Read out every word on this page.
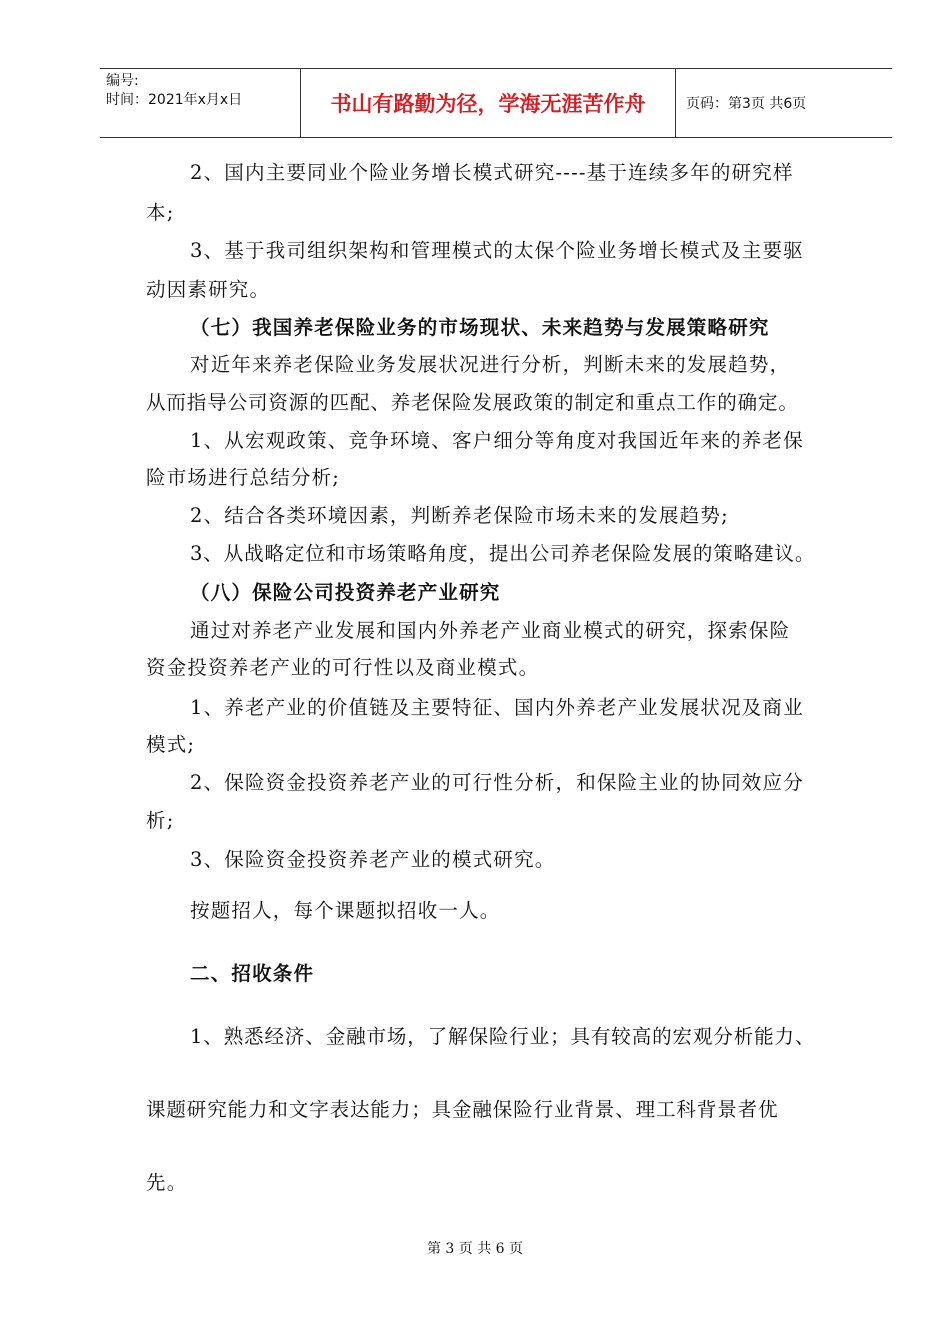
编号:
时间：2021年x月x日	书山有路勤为径，学海无涯苦作舟	页码：第3页 共6页
2、国内主要同业个险业务增长模式研究----基于连续多年的研究样
本;
3、基于我司组织架构和管理模式的太保个险业务增长模式及主要驱
动因素研究。
（七）我国养老保险业务的市场现状、未来趋势与发展策略研究
对近年来养老保险业务发展状况进行分析，判断未来的发展趋势，
从而指导公司资源的匹配、养老保险发展政策的制定和重点工作的确定。
1、从宏观政策、竞争环境、客户细分等角度对我国近年来的养老保
险市场进行总结分析;
2、结合各类环境因素，判断养老保险市场未来的发展趋势;
3、从战略定位和市场策略角度，提出公司养老保险发展的策略建议。
（八）保险公司投资养老产业研究
通过对养老产业发展和国内外养老产业商业模式的研究，探索保险
资金投资养老产业的可行性以及商业模式。
1、养老产业的价值链及主要特征、国内外养老产业发展状况及商业
模式;
2、保险资金投资养老产业的可行性分析，和保险主业的协同效应分
析;
3、保险资金投资养老产业的模式研究。
按题招人，每个课题拟招收一人。
二、招收条件
1、熟悉经济、金融市场，了解保险行业；具有较高的宏观分析能力、
课题研究能力和文字表达能力；具金融保险行业背景、理工科背景者优
先。
第 3 页 共 6 页
